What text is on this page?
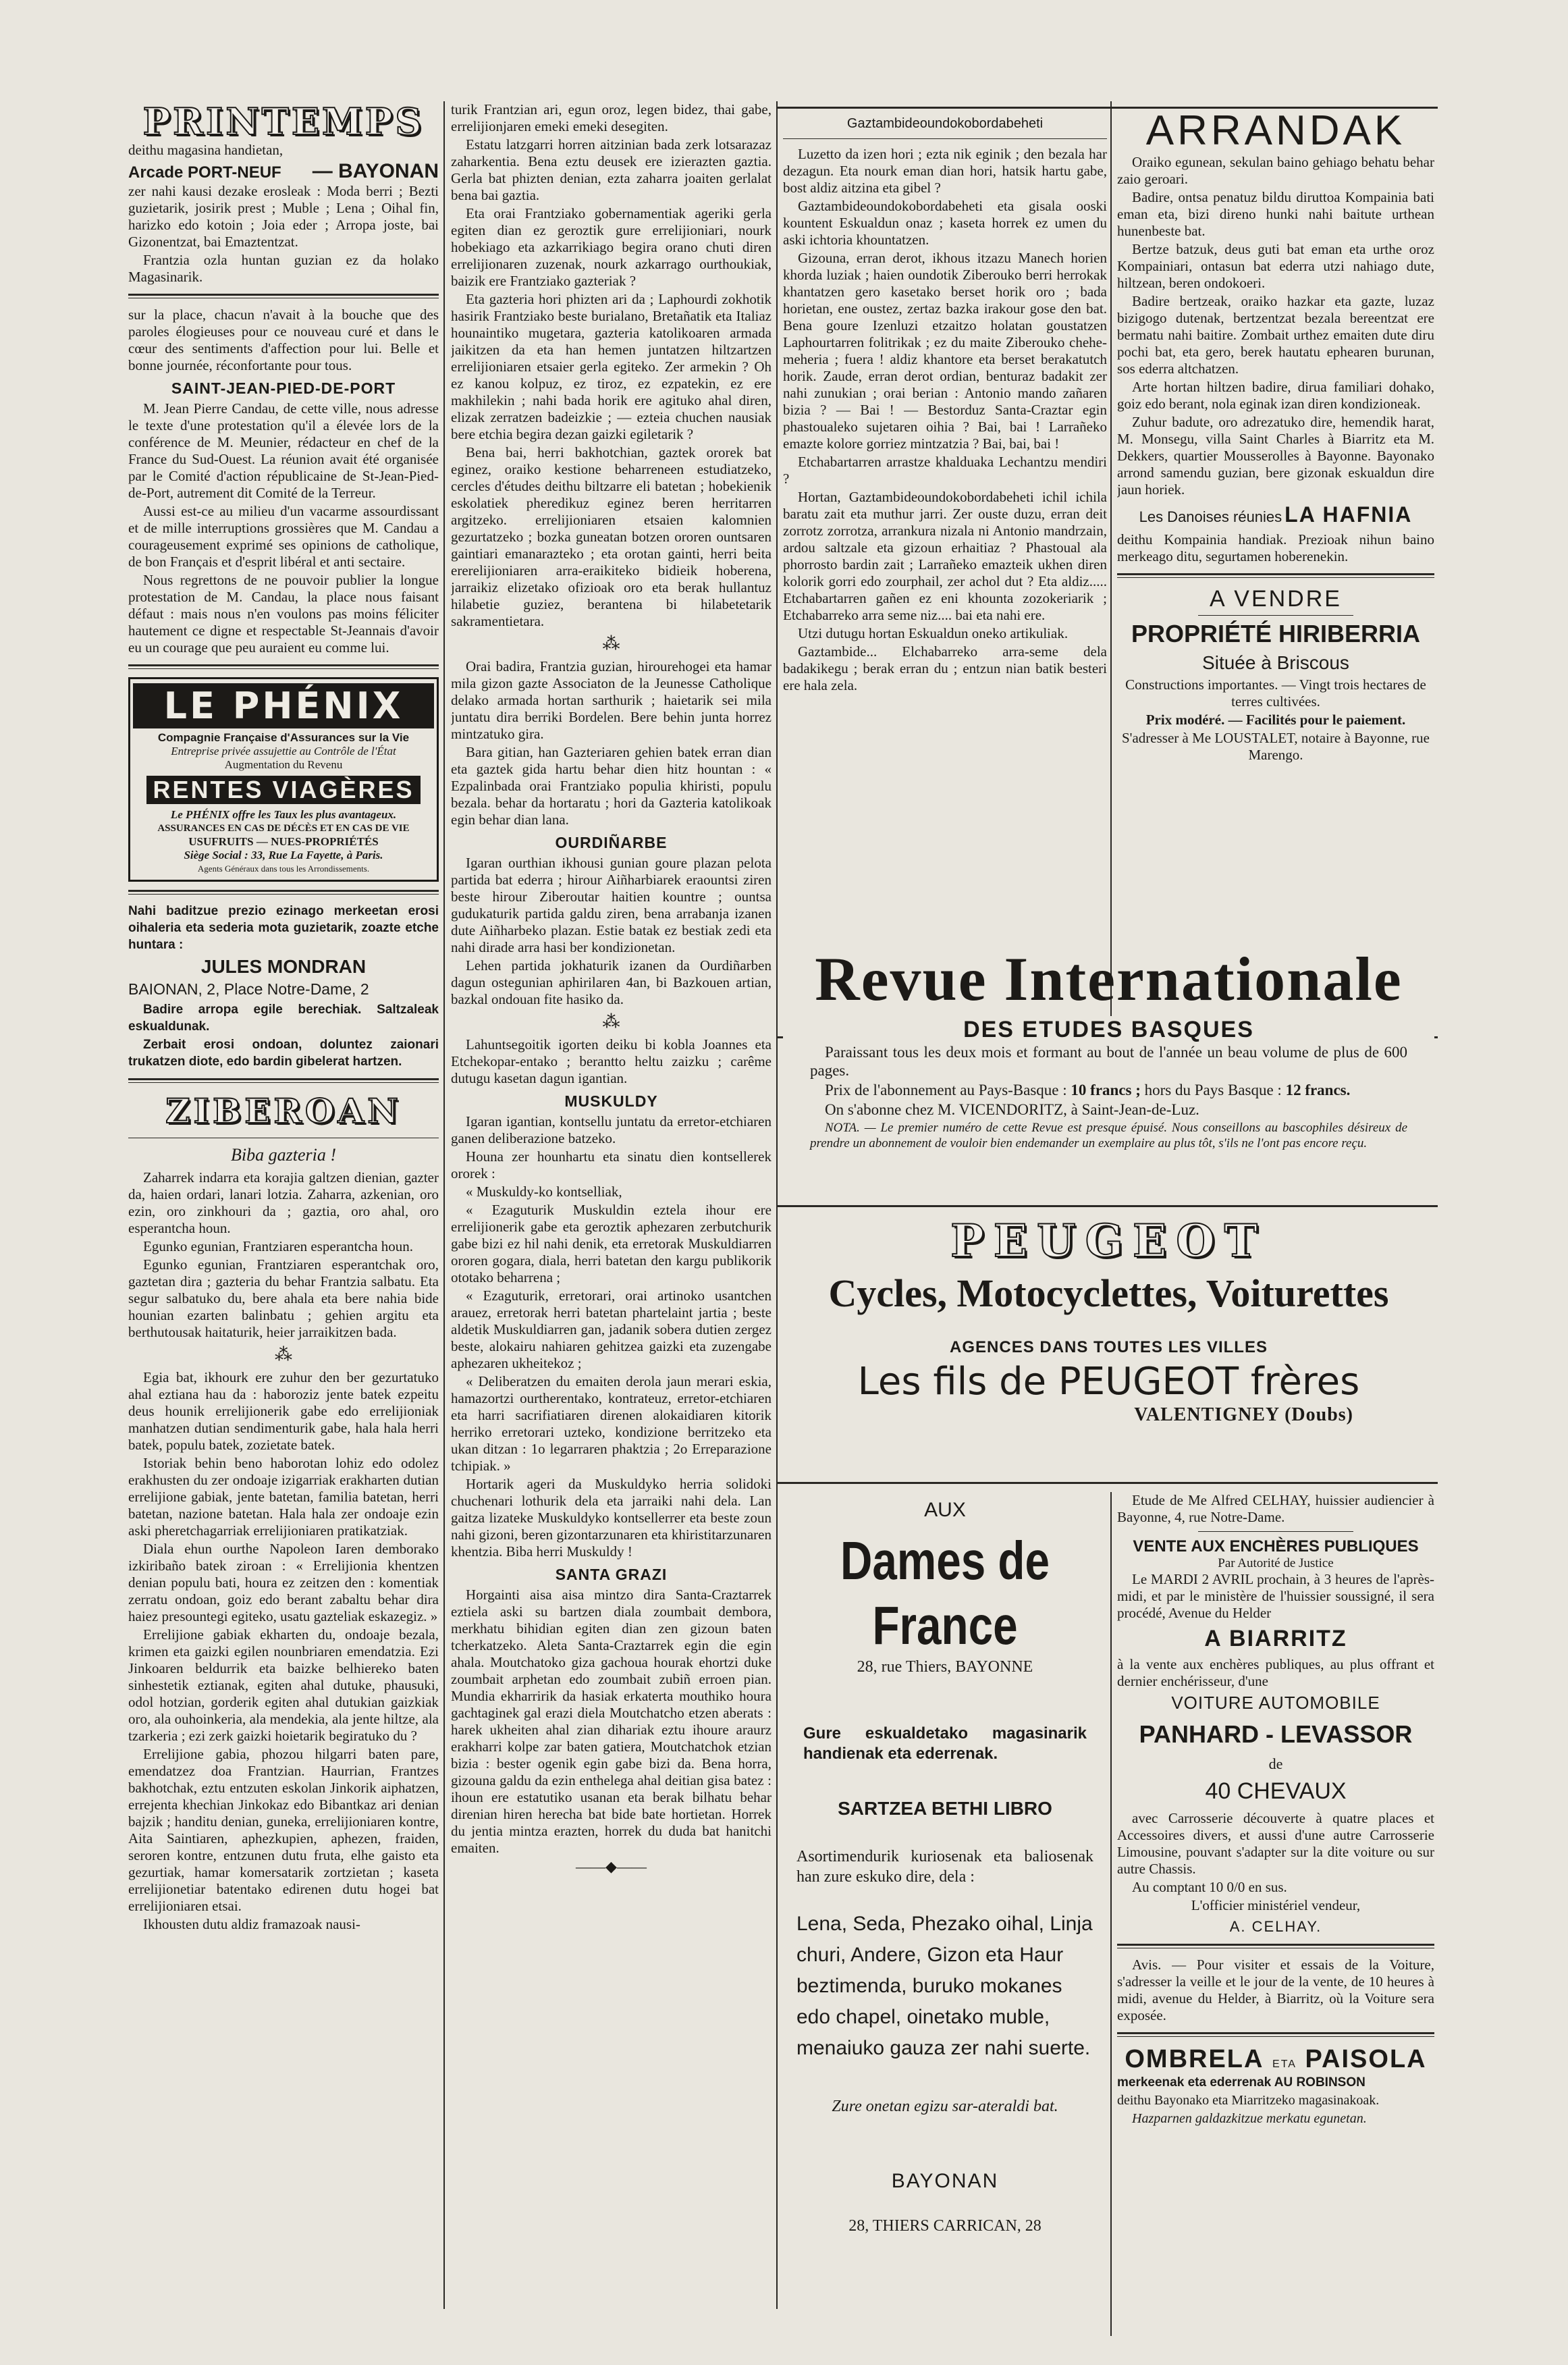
PRINTEMPS

deithu magasina handietan,

Arcade PORT-NEUF — BAYONAN

zer nahi kausi dezake erosleak : Moda berri ; Bezti guzietarik, josirik prest ; Muble ; Lena ; Oihal fin, harizko edo kotoin ; Joia eder ; Arropa joste, bai Gizonentzat, bai Emaztentzat.

Frantzia ozla huntan guzian ez da holako Magasinarik.

sur la place, chacun n'avait à la bouche que des paroles élogieuses pour ce nouveau curé et dans le cœur des sentiments d'affection pour lui. Belle et bonne journée, réconfortante pour tous.

SAINT-JEAN-PIED-DE-PORT

M. Jean Pierre Candau, de cette ville, nous adresse le texte d'une protestation qu'il a élevée lors de la conférence de M. Meunier, rédacteur en chef de la France du Sud-Ouest. La réunion avait été organisée par le Comité d'action républicaine de St-Jean-Pied-de-Port, autrement dit Comité de la Terreur.

Aussi est-ce au milieu d'un vacarme assourdissant et de mille interruptions grossières que M. Candau a courageusement exprimé ses opinions de catholique, de bon Français et d'esprit libéral et anti sectaire.

Nous regrettons de ne pouvoir publier la longue protestation de M. Candau, la place nous faisant défaut : mais nous n'en voulons pas moins féliciter hautement ce digne et respectable St-Jeannais d'avoir eu un courage que peu auraient eu comme lui.

LE PHÉNIX
Compagnie Française d'Assurances sur la Vie
Entreprise privée assujettie au Contrôle de l'État
Augmentation du Revenu
RENTES VIAGÈRES
Le PHÉNIX offre les Taux les plus avantageux.
ASSURANCES EN CAS DE DÉCÈS ET EN CAS DE VIE
USUFRUITS — NUES-PROPRIÉTÉS
Siège Social : 33, Rue La Fayette, à Paris.
Agents Généraux dans tous les Arrondissements.

Nahi baditzue prezio ezinago merkeetan erosi oihaleria eta sederia mota guzietarik, zoazte etche huntara :

JULES MONDRAN
BAIONAN, 2, Place Notre-Dame, 2

Badire arropa egile berechiak. Saltzaleak eskualdunak.

Zerbait erosi ondoan, doluntez zaionari trukatzen diote, edo bardin gibelerat hartzen.

ZIBEROAN
Biba gazteria !

Zaharrek indarra eta korajia galtzen dienian, gazter da, haien ordari, lanari lotzia. Zaharra, azkenian, oro ezin, oro zinkhouri da ; gaztia, oro ahal, oro esperantcha houn.

Egunko egunian, Frantziaren esperantcha houn.

Egunko egunian, Frantziaren esperantchak oro, gaztetan dira ; gazteria du behar Frantzia salbatu. Eta segur salbatuko du, bere ahala eta bere nahia bide hounian ezarten balinbatu ; gehien argitu eta berthutousak haitaturik, heier jarraikitzen bada.

⁂

Egia bat, ikhourk ere zuhur den ber gezurtatuko ahal eztiana hau da : haboroziz jente batek ezpeitu deus hounik errelijionerik gabe edo errelijioniak manhatzen dutian sendimenturik gabe, hala hala herri batek, populu batek, zozietate batek.

Istoriak behin beno haborotan lohiz edo odolez erakhusten du zer ondoaje izigarriak erakharten dutian errelijione gabiak, jente batetan, familia batetan, herri batetan, nazione batetan. Hala hala zer ondoaje ezin aski pheretchagarriak errelijioniaren pratikatziak.

Diala ehun ourthe Napoleon Iaren demborako izkiribaño batek ziroan : « Errelijionia khentzen denian populu bati, houra ez zeitzen den : komentiak zerratu ondoan, goiz edo berant zabaltu behar dira haiez presountegi egiteko, usatu gazteliak eskazegiz. »

Errelijione gabiak ekharten du, ondoaje bezala, krimen eta gaizki egilen nounbriaren emendatzia. Ezi Jinkoaren beldurrik eta baizke belhiereko baten sinhestetik eztianak, egiten ahal dutuke, phausuki, odol hotzian, gorderik egiten ahal dutukian gaizkiak oro, ala ouhoinkeria, ala mendekia, ala jente hiltze, ala tzarkeria ; ezi zerk gaizki hoietarik begiratuko du ?

Errelijione gabia, phozou hilgarri baten pare, emendatzez doa Frantzian. Haurrian, Frantzes bakhotchak, eztu entzuten eskolan Jinkorik aiphatzen, errejenta khechian Jinkokaz edo Bibantkaz ari denian bajzik ; handitu denian, guneka, errelijioniaren kontre, Aita Saintiaren, aphezkupien, aphezen, fraiden, seroren kontre, entzunen dutu fruta, elhe gaisto eta gezurtiak, hamar komersatarik zortzietan ; kaseta errelijionetiar batentako edirenen dutu hogei bat errelijioniaren etsai.

Ikhousten dutu aldiz framazoak nausi-

turik Frantzian ari, egun oroz, legen bidez, thai gabe, errelijionjaren emeki emeki desegiten.

Estatu latzgarri horren aitzinian bada zerk lotsarazaz zaharkentia. Bena eztu deusek ere izierazten gaztia. Gerla bat phizten denian, ezta zaharra joaiten gerlalat bena bai gaztia.

Eta orai Frantziako gobernamentiak ageriki gerla egiten dian ez geroztik gure errelijioniari, nourk hobekiago eta azkarrikiago begira orano chuti diren errelijionaren zuzenak, nourk azkarrago ourthoukiak, baizik ere Frantziako gazteriak ?

Eta gazteria hori phizten ari da ; Laphourdi zokhotik hasirik Frantziako beste burialano, Bretañatik eta Italiaz hounaintiko mugetara, gazteria katolikoaren armada jaikitzen da eta han hemen juntatzen hiltzartzen errelijioniaren etsaier gerla egiteko. Zer armekin ? Oh ez kanou kolpuz, ez tiroz, ez ezpatekin, ez ere makhilekin ; nahi bada horik ere agituko ahal diren, elizak zerratzen badeizkie ; — ezteia chuchen nausiak bere etchia begira dezan gaizki egiletarik ?

Bena bai, herri bakhotchian, gaztek ororek bat eginez, oraiko kestione beharreneen estudiatzeko, cercles d'études deithu biltzarre eli batetan ; hobekienik eskolatiek pheredikuz eginez beren herritarren argitzeko. errelijioniaren etsaien kalomnien gezurtatzeko ; bozka guneatan botzen ororen ountsaren gaintiari emanarazteko ; eta orotan gainti, herri beita ererelijioniaren arra-eraikiteko bidieik hoberena, jarraikiz elizetako ofizioak oro eta berak hullantuz hilabetie guziez, berantena bi hilabetetarik sakramentietara.

⁂

Orai badira, Frantzia guzian, hirourehogei eta hamar mila gizon gazte Associaton de la Jeunesse Catholique delako armada hortan sarthurik ; haietarik sei mila juntatu dira berriki Bordelen. Bere behin junta horrez mintzatuko gira.

Bara gitian, han Gazteriaren gehien batek erran dian eta gaztek gida hartu behar dien hitz hountan : « Ezpalinbada orai Frantziako populia khiristi, populu bezala. behar da hortaratu ; hori da Gazteria katolikoak egin behar dian lana.

OURDIÑARBE

Igaran ourthian ikhousi gunian goure plazan pelota partida bat ederra ; hirour Aiñharbiarek eraountsi ziren beste hirour Ziberoutar haitien kountre ; ountsa gudukaturik partida galdu ziren, bena arrabanja izanen dute Aiñharbeko plazan. Estie batak ez bestiak zedi eta nahi dirade arra hasi ber kondizionetan.

Lehen partida jokhaturik izanen da Ourdiñarben dagun ostegunian aphirilaren 4an, bi Bazkouen artian, bazkal ondouan fite hasiko da.

⁂

Lahuntsegoitik igorten deiku bi kobla Joannes eta Etchekopar-entako ; berantto heltu zaizku ; carême dutugu kasetan dagun igantian.

MUSKULDY

Igaran igantian, kontsellu juntatu da erretor-etchiaren ganen deliberazione batzeko.

Houna zer hounhartu eta sinatu dien kontsellerek ororek :

« Muskuldy-ko kontselliak,

« Ezaguturik Muskuldin eztela ihour ere errelijionerik gabe eta geroztik aphezaren zerbutchurik gabe bizi ez hil nahi denik, eta erretorak Muskuldiarren ororen gogara, diala, herri batetan den kargu publikorik ototako beharrena ;

« Ezaguturik, erretorari, orai artinoko usantchen arauez, erretorak herri batetan phartelaint jartia ; beste aldetik Muskuldiarren gan, jadanik sobera dutien zergez beste, alokairu nahiaren gehitzea gaizki eta zuzengabe aphezaren ukheitekoz ;

« Deliberatzen du emaiten derola jaun merari eskia, hamazortzi ourtherentako, kontrateuz, erretor-etchiaren eta harri sacrifiatiaren direnen alokaidiaren kitorik herriko erretorari uzteko, kondizione berritzeko eta ukan ditzan : 1o legarraren phaktzia ; 2o Erreparazione tchipiak. »

Hortarik ageri da Muskuldyko herria solidoki chuchenari lothurik dela eta jarraiki nahi dela. Lan gaitza lizateke Muskuldyko kontsellerrer eta beste zoun nahi gizoni, beren gizontarzunaren eta khiristitarzunaren khentzia. Biba herri Muskuldy !

SANTA GRAZI

Horgainti aisa aisa mintzo dira Santa-Craztarrek eztiela aski su bartzen diala zoumbait dembora, merkhatu bihidian egiten dian zen gizoun baten tcherkatzeko. Aleta Santa-Craztarrek egin die egin ahala. Moutchatoko giza gachoua hourak ehortzi duke zoumbait arphetan edo zoumbait zubiñ erroen pian. Mundia ekharririk da hasiak erkaterta mouthiko houra gachtaginek gal erazi diela Moutchatcho etzen aberats : harek ukheiten ahal zian dihariak eztu ihoure araurz erakharri kolpe zar baten gatiera, Moutchatchok etzian bizia : bester ogenik egin gabe bizi da. Bena horra, gizouna galdu da ezin enthelega ahal deitian gisa batez : ihoun ere estatutiko usanan eta berak bilhatu behar direnian hiren herecha bat bide bate hortietan. Horrek du jentia mintza erazten, horrek du duda bat hanitchi emaiten.

——◆——
Gaztambideoundokobordabeheti

Luzetto da izen hori ; ezta nik eginik ; den bezala har dezagun. Eta nourk eman dian hori, hatsik hartu gabe, bost aldiz aitzina eta gibel ?

Gaztambideoundokobordabeheti eta gisala ooski kountent Eskualdun onaz ; kaseta horrek ez umen du aski ichtoria khountatzen.

Gizouna, erran derot, ikhous itzazu Manech horien khorda luziak ; haien oundotik Ziberouko berri herrokak khantatzen gero kasetako berset horik oro ; bada horietan, ene oustez, zertaz bazka irakour gose den bat. Bena goure Izenluzi etzaitzo holatan goustatzen Laphourtarren folitrikak ; ez du maite Ziberouko chehe-meheria ; fuera ! aldiz khantore eta berset berakatutch horik. Zaude, erran derot ordian, benturaz badakit zer nahi zunukian ; orai berian : Antonio mando zañaren bizia ? — Bai ! — Bestorduz Santa-Craztar egin phastoualeko sujetaren oihia ? Bai, bai ! Larrañeko emazte kolore gorriez mintzatzia ? Bai, bai, bai !

Etchabartarren arrastze khalduaka Lechantzu mendiri ?

Hortan, Gaztambideoundokobordabeheti ichil ichila baratu zait eta muthur jarri. Zer ouste duzu, erran deit zorrotz zorrotza, arrankura nizala ni Antonio mandrzain, ardou saltzale eta gizoun erhaitiaz ? Phastoual ala phorrosto bardin zait ; Larrañeko emazteik ukhen diren kolorik gorri edo zourphail, zer achol dut ? Eta aldiz..... Etchabartarren gañen ez eni khounta zozokeriarik ; Etchabarreko arra seme niz.... bai eta nahi ere.

Utzi dutugu hortan Eskualdun oneko artikuliak.

Gaztambide... Elchabarreko arra-seme dela badakikegu ; berak erran du ; entzun nian batik besteri ere hala zela.

ARRANDAK

Oraiko egunean, sekulan baino gehiago behatu behar zaio geroari.

Badire, ontsa penatuz bildu diruttoa Kompainia bati eman eta, bizi direno hunki nahi baitute urthean hunenbeste bat.

Bertze batzuk, deus guti bat eman eta urthe oroz Kompainiari, ontasun bat ederra utzi nahiago dute, hiltzean, beren ondokoeri.

Badire bertzeak, oraiko hazkar eta gazte, luzaz bizigogo dutenak, bertzentzat bezala bereentzat ere bermatu nahi baitire. Zombait urthez emaiten dute diru pochi bat, eta gero, berek hautatu ephearen burunan, sos ederra altchatzen.

Arte hortan hiltzen badire, dirua familiari dohako, goiz edo berant, nola eginak izan diren kondizioneak.

Zuhur badute, oro adrezatuko dire, hemendik harat, M. Monsegu, villa Saint Charles à Biarritz eta M. Dekkers, quartier Mousserolles à Bayonne. Bayonako arrond samendu guzian, bere gizonak eskualdun dire jaun horiek.

Les Danoises réunies LA HAFNIA

deithu Kompainia handiak. Prezioak nihun baino merkeago ditu, segurtamen hoberenekin.

A VENDRE
PROPRIÉTÉ HIRIBERRIA
Située à Briscous

Constructions importantes. — Vingt trois hectares de terres cultivées.

Prix modéré. — Facilités pour le paiement.

S'adresser à Me LOUSTALET, notaire à Bayonne, rue Marengo.

Revue Internationale
DES ETUDES BASQUES

Paraissant tous les deux mois et formant au bout de l'année un beau volume de plus de 600 pages.

Prix de l'abonnement au Pays-Basque : 10 francs ; hors du Pays Basque : 12 francs.

On s'abonne chez M. VICENDORITZ, à Saint-Jean-de-Luz.

NOTA. — Le premier numéro de cette Revue est presque épuisé. Nous conseillons au bascophiles désireux de prendre un abonnement de vouloir bien endemander un exemplaire au plus tôt, s'ils ne l'ont pas encore reçu.

PEUGEOT
Cycles, Motocyclettes, Voiturettes
AGENCES DANS TOUTES LES VILLES
Les fils de PEUGEOT frères
VALENTIGNEY (Doubs)
AUX
Dames de France
28, rue Thiers, BAYONNE

Gure eskualdetako magasinarik handienak eta ederrenak.

SARTZEA BETHI LIBRO

Asortimendurik kuriosenak eta baliosenak han zure eskuko dire, dela :

Lena, Seda, Phezako oihal, Linja churi, Andere, Gizon eta Haur beztimenda, buruko mokanes edo chapel, oinetako muble, menaiuko gauza zer nahi suerte.

Zure onetan egizu sar-ateraldi bat.
BAYONAN
28, THIERS CARRICAN, 28

Etude de Me Alfred CELHAY, huissier audiencier à Bayonne, 4, rue Notre-Dame.

VENTE AUX ENCHÈRES PUBLIQUES
Par Autorité de Justice

Le MARDI 2 AVRIL prochain, à 3 heures de l'après-midi, et par le ministère de l'huissier soussigné, il sera procédé, Avenue du Helder

A BIARRITZ

à la vente aux enchères publiques, au plus offrant et dernier enchérisseur, d'une

VOITURE AUTOMOBILE
PANHARD - LEVASSOR
de
40 CHEVAUX

avec Carrosserie découverte à quatre places et Accessoires divers, et aussi d'une autre Carrosserie Limousine, pouvant s'adapter sur la dite voiture ou sur autre Chassis.

Au comptant 10 0/0 en sus.

L'officier ministériel vendeur,

A. CELHAY.

Avis. — Pour visiter et essais de la Voiture, s'adresser la veille et le jour de la vente, de 10 heures à midi, avenue du Helder, à Biarritz, où la Voiture sera exposée.

OMBRELA ETA PAISOLA

merkeenak eta ederrenak AU ROBINSON

deithu Bayonako eta Miarritzeko magasinakoak.

Hazparnen galdazkitzue merkatu egunetan.
